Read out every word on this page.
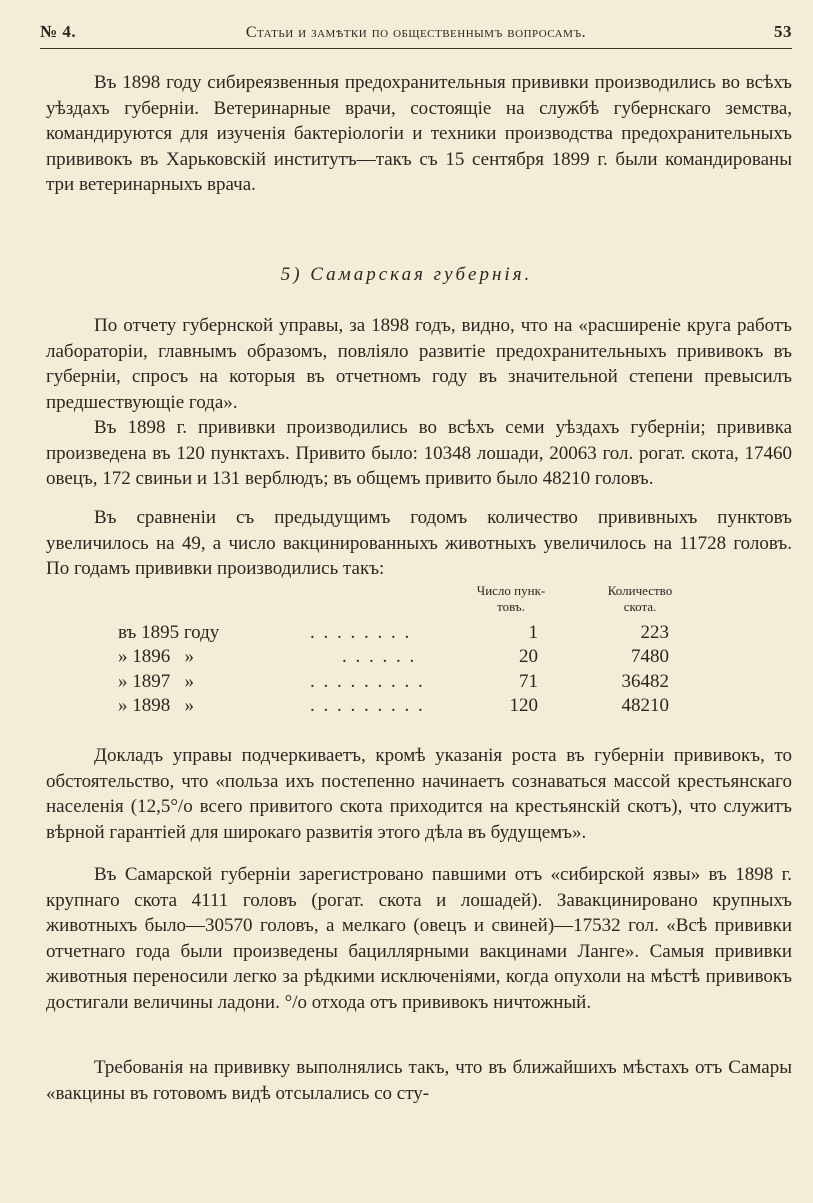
№ 4.	Статьи и замѣтки по общественнымъ вопросамъ.	53

Въ 1898 году сибиреязвенныя предохранительныя прививки производились во всѣхъ уѣздахъ губерніи. Ветеринарные врачи, состоящіе на службѣ губернскаго земства, командируются для изученія бактеріологіи и техники производства предохранительныхъ прививокъ въ Харьковскій институтъ—такъ съ 15 сентября 1899 г. были командированы три ветеринарныхъ врача.

5) Самарская губернія.

По отчету губернской управы, за 1898 годъ, видно, что на «расширеніе круга работъ лабораторіи, главнымъ образомъ, повліяло развитіе предохранительныхъ прививокъ въ губерніи, спросъ на которыя въ отчетномъ году въ значительной степени превысилъ предшествующіе года».

Въ 1898 г. прививки производились во всѣхъ семи уѣздахъ губерніи; прививка произведена въ 120 пунктахъ. Привито было: 10348 лошади, 20063 гол. рогат. скота, 17460 овецъ, 172 свиньи и 131 верблюдъ; въ общемъ привито было 48210 головъ.

Въ сравненіи съ предыдущимъ годомъ количество прививныхъ пунктовъ увеличилось на 49, а число вакцинированныхъ животныхъ увеличилось на 11728 головъ. По годамъ прививки производились такъ:

Число пунк-товъ.
Количество скота.
въ 1895 году	. . . . . . . .	1	223
» 1896   »	. . . . . .	20	7480
» 1897   »	. . . . . . . . .	71	36482
» 1898   »	. . . . . . . . .	120	48210

Докладъ управы подчеркиваетъ, кромѣ указанія роста въ губерніи прививокъ, то обстоятельство, что «польза ихъ постепенно начинаетъ сознаваться массой крестьянскаго населенія (12,5°/о всего привитого скота приходится на крестьянскій скотъ), что служитъ вѣрной гарантіей для широкаго развитія этого дѣла въ будущемъ».

Въ Самарской губерніи зарегистровано павшими отъ «сибирской язвы» въ 1898 г. крупнаго скота 4111 головъ (рогат. скота и лошадей). Завакцинировано крупныхъ животныхъ было—30570 головъ, а мелкаго (овецъ и свиней)—17532 гол. «Всѣ прививки отчетнаго года были произведены бациллярными вакцинами Ланге». Самыя прививки животныя переносили легко за рѣдкими исключеніями, когда опухоли на мѣстѣ прививокъ достигали величины ладони. °/о отхода отъ прививокъ ничтожный.

Требованія на прививку выполнялись такъ, что въ ближайшихъ мѣстахъ отъ Самары «вакцины въ готовомъ видѣ отсылались со сту-
